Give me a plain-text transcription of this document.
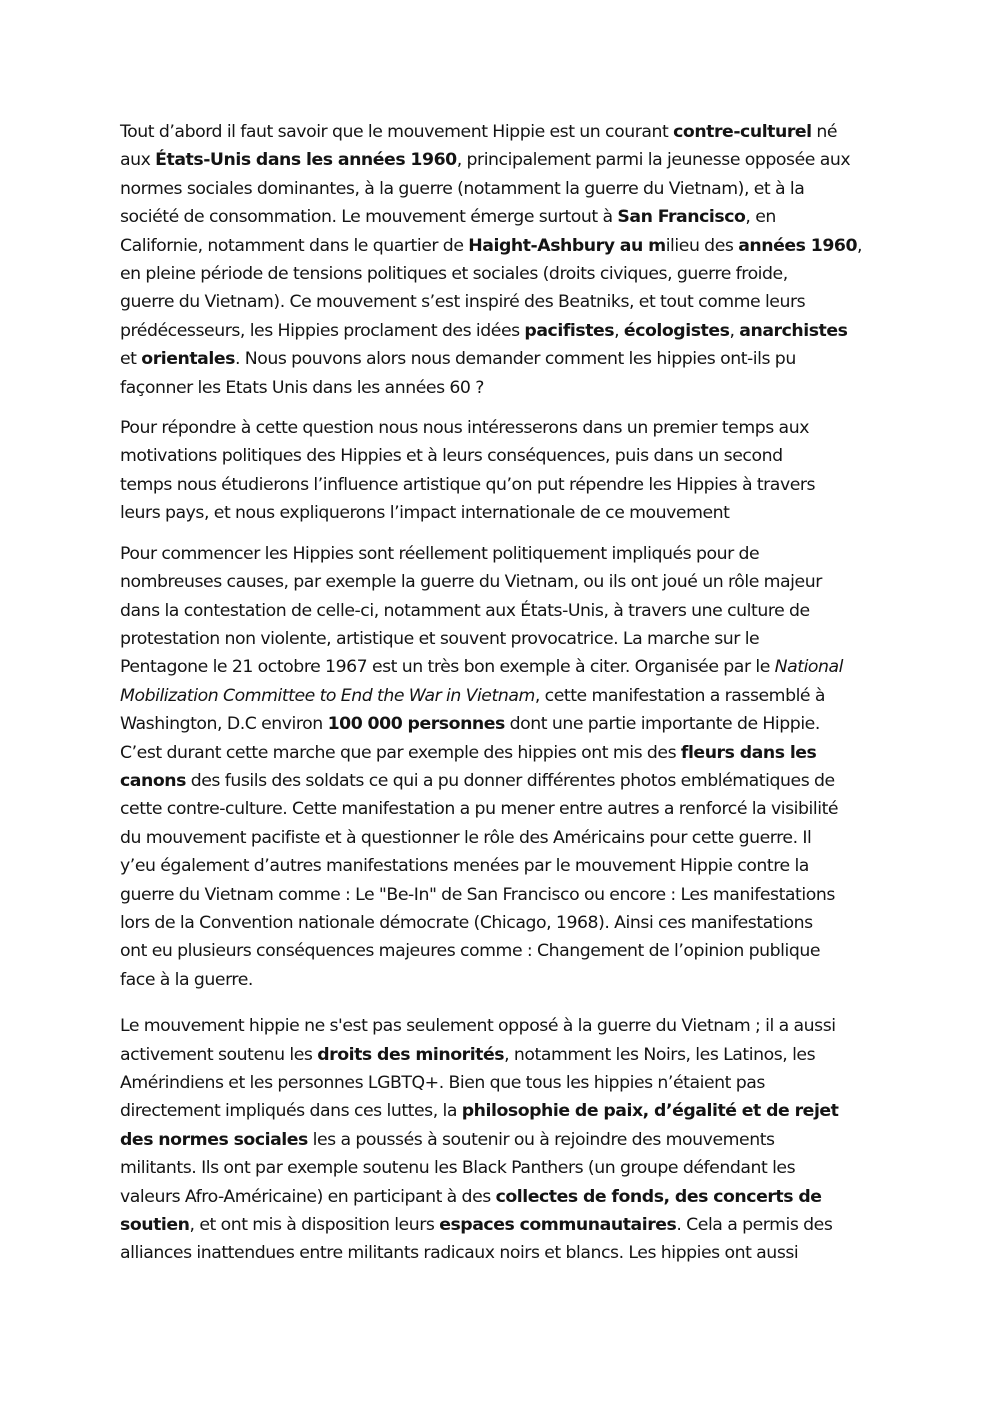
Tout d’abord il faut savoir que le mouvement Hippie est un courant contre-culturel né
aux États-Unis dans les années 1960, principalement parmi la jeunesse opposée aux
normes sociales dominantes, à la guerre (notamment la guerre du Vietnam), et à la
société de consommation. Le mouvement émerge surtout à San Francisco, en
Californie, notamment dans le quartier de Haight-Ashbury au milieu des années 1960,
en pleine période de tensions politiques et sociales (droits civiques, guerre froide,
guerre du Vietnam). Ce mouvement s’est inspiré des Beatniks, et tout comme leurs
prédécesseurs, les Hippies proclament des idées pacifistes, écologistes, anarchistes
et orientales. Nous pouvons alors nous demander comment les hippies ont-ils pu
façonner les Etats Unis dans les années 60 ?

Pour répondre à cette question nous nous intéresserons dans un premier temps aux
motivations politiques des Hippies et à leurs conséquences, puis dans un second
temps nous étudierons l’influence artistique qu’on put répendre les Hippies à travers
leurs pays, et nous expliquerons l’impact internationale de ce mouvement

Pour commencer les Hippies sont réellement politiquement impliqués pour de
nombreuses causes, par exemple la guerre du Vietnam, ou ils ont joué un rôle majeur
dans la contestation de celle-ci, notamment aux États-Unis, à travers une culture de
protestation non violente, artistique et souvent provocatrice. La marche sur le
Pentagone le 21 octobre 1967 est un très bon exemple à citer. Organisée par le National
Mobilization Committee to End the War in Vietnam, cette manifestation a rassemblé à
Washington, D.C environ 100 000 personnes dont une partie importante de Hippie.
C’est durant cette marche que par exemple des hippies ont mis des fleurs dans les
canons des fusils des soldats ce qui a pu donner différentes photos emblématiques de
cette contre-culture. Cette manifestation a pu mener entre autres a renforcé la visibilité
du mouvement pacifiste et à questionner le rôle des Américains pour cette guerre. Il
y’eu également d’autres manifestations menées par le mouvement Hippie contre la
guerre du Vietnam comme : Le "Be-In" de San Francisco ou encore : Les manifestations
lors de la Convention nationale démocrate (Chicago, 1968). Ainsi ces manifestations
ont eu plusieurs conséquences majeures comme : Changement de l’opinion publique
face à la guerre.

Le mouvement hippie ne s'est pas seulement opposé à la guerre du Vietnam ; il a aussi
activement soutenu les droits des minorités, notamment les Noirs, les Latinos, les
Amérindiens et les personnes LGBTQ+. Bien que tous les hippies n’étaient pas
directement impliqués dans ces luttes, la philosophie de paix, d’égalité et de rejet
des normes sociales les a poussés à soutenir ou à rejoindre des mouvements
militants. Ils ont par exemple soutenu les Black Panthers (un groupe défendant les
valeurs Afro-Américaine) en participant à des collectes de fonds, des concerts de
soutien, et ont mis à disposition leurs espaces communautaires. Cela a permis des
alliances inattendues entre militants radicaux noirs et blancs. Les hippies ont aussi
